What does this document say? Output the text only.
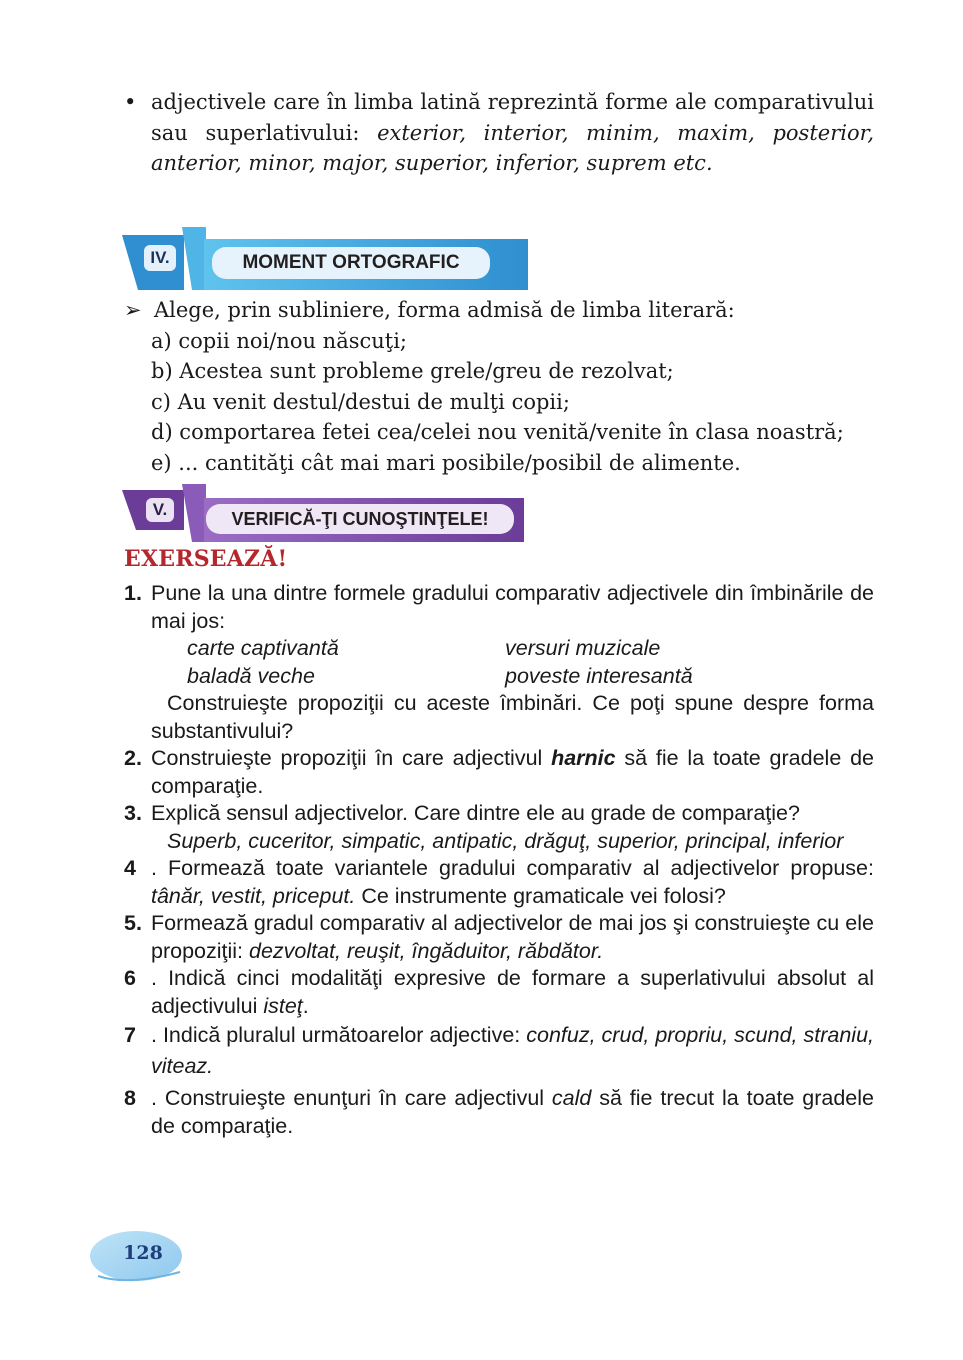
• adjectivele care în limba latină reprezintă forme ale comparativului sau superlativului: exterior, interior, minim, maxim, posterior, anterior, minor, major, superior, inferior, suprem etc.

IV.	MOMENT ORTOGRAFIC
➢ Alege, prin subliniere, forma admisă de limba literară:
a) copii noi/nou născuţi;
b) Acestea sunt probleme grele/greu de rezolvat;
c) Au venit destul/destui de mulţi copii;
d) comportarea fetei cea/celei nou venită/venite în clasa noastră;
e) ... cantităţi cât mai mari posibile/posibil de alimente.
V.	VERIFICĂ-ŢI CUNOŞTINŢELE!
EXERSEAZĂ!
1. Pune la una dintre formele gradului comparativ adjectivele din îmbinările de mai jos:
carte captivantă	versuri muzicale
baladă veche	poveste interesantă
Construieşte propoziţii cu aceste îmbinări. Ce poţi spune despre forma substantivului?
2. Construieşte propoziţii în care adjectivul harnic să fie la toate gradele de comparaţie.
3. Explică sensul adjectivelor. Care dintre ele au grade de comparaţie?
Superb, cuceritor, simpatic, antipatic, drăguţ, superior, principal, inferior
4 . Formează toate variantele gradului comparativ al adjectivelor propuse: tânăr, vestit, priceput. Ce instrumente gramaticale vei folosi?
5. Formează gradul comparativ al adjectivelor de mai jos şi construieşte cu ele propoziţii: dezvoltat, reuşit, îngăduitor, răbdător.
6 . Indică cinci modalităţi expresive de formare a superlativului absolut al adjectivului isteţ.
7 . Indică pluralul următoarelor adjective: confuz, crud, propriu, scund, straniu, viteaz.
8 . Construieşte enunţuri în care adjectivul cald să fie trecut la toate gradele de comparaţie.
128
